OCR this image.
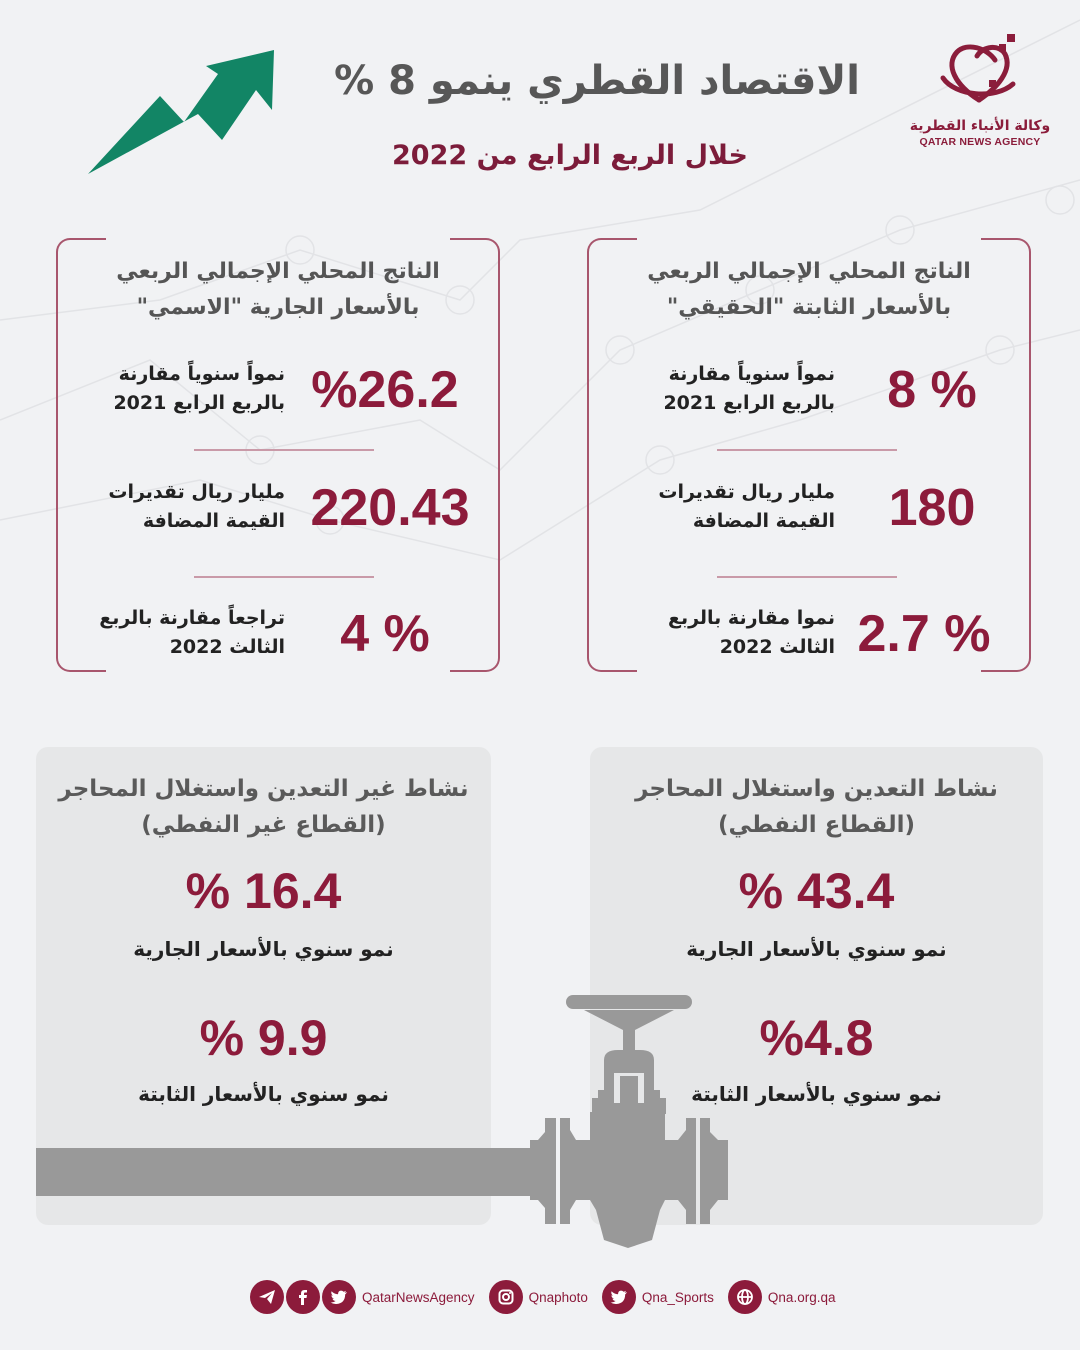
الاقتصاد القطري ينمو 8 %
خلال الربع الرابع من 2022
وكالة الأنباء القطرية
QATAR NEWS AGENCY
الناتج المحلي الإجمالي الربعي
بالأسعار الثابتة "الحقيقي"
8 %
نمواً سنوياً مقارنة
بالربع الرابع 2021
180
مليار ريال تقديرات
القيمة المضافة
2.7 %
نموا مقارنة بالربع
الثالث 2022
الناتج المحلي الإجمالي الربعي
بالأسعار الجارية "الاسمي"
%26.2
نمواً سنوياً مقارنة
بالربع الرابع 2021
220.43
مليار ريال تقديرات
القيمة المضافة
4 %
تراجعاً مقارنة بالربع
الثالث 2022
نشاط التعدين واستغلال المحاجر
(القطاع النفطي)
% 43.4
نمو سنوي بالأسعار الجارية
%4.8
نمو سنوي بالأسعار الثابتة
نشاط غير التعدين واستغلال المحاجر
(القطاع غير النفطي)
% 16.4
نمو سنوي بالأسعار الجارية
% 9.9
نمو سنوي بالأسعار الثابتة
QatarNewsAgency	Qnaphoto	Qna_Sports	Qna.org.qa
